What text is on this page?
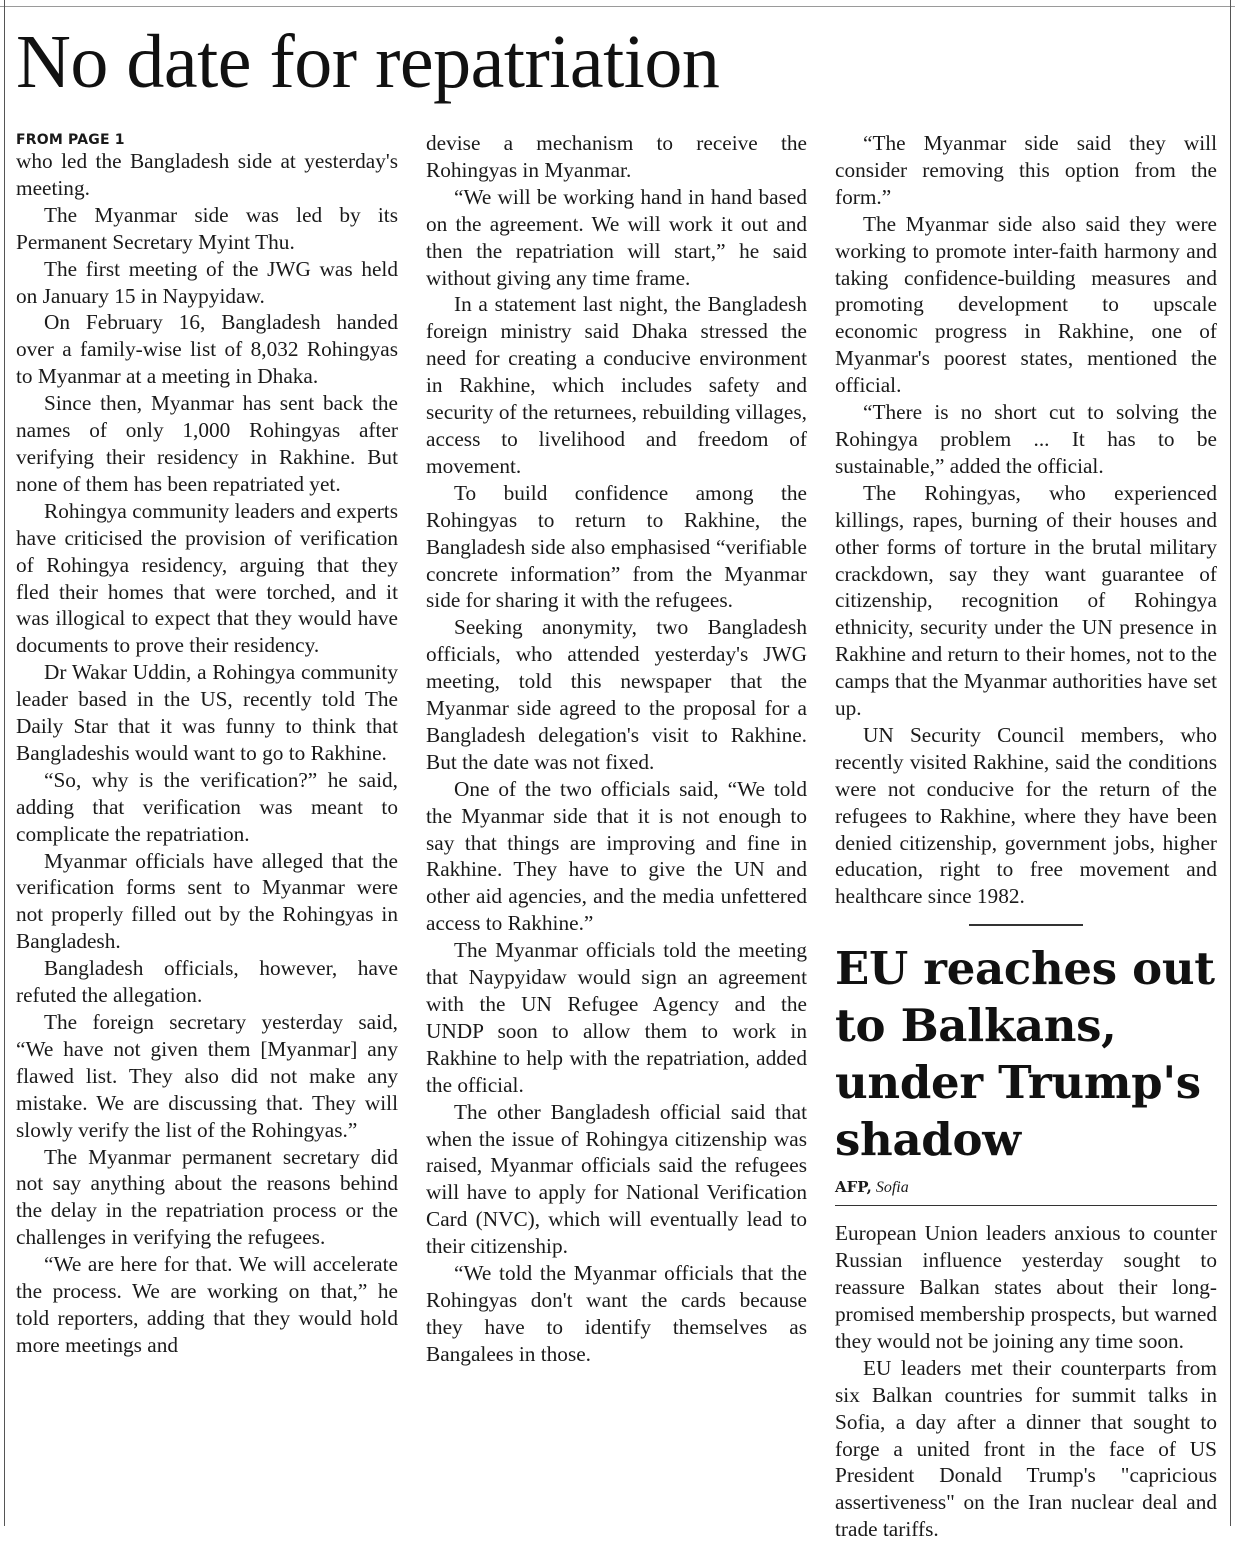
No date for repatriation
FROM PAGE 1

who led the Bangladesh side at yesterday's meeting.

The Myanmar side was led by its Permanent Secretary Myint Thu.

The first meeting of the JWG was held on January 15 in Naypyidaw.

On February 16, Bangladesh handed over a family-wise list of 8,032 Rohingyas to Myanmar at a meeting in Dhaka.

Since then, Myanmar has sent back the names of only 1,000 Rohingyas after verifying their residency in Rakhine. But none of them has been repatriated yet.

Rohingya community leaders and experts have criticised the provision of verification of Rohingya residency, arguing that they fled their homes that were torched, and it was illogical to expect that they would have documents to prove their residency.

Dr Wakar Uddin, a Rohingya community leader based in the US, recently told The Daily Star that it was funny to think that Bangladeshis would want to go to Rakhine.

“So, why is the verification?” he said, adding that verification was meant to complicate the repatriation.

Myanmar officials have alleged that the verification forms sent to Myanmar were not properly filled out by the Rohingyas in Bangladesh.

Bangladesh officials, however, have refuted the allegation.

The foreign secretary yesterday said, “We have not given them [Myanmar] any flawed list. They also did not make any mistake. We are discussing that. They will slowly verify the list of the Rohingyas.”

The Myanmar permanent secretary did not say anything about the reasons behind the delay in the repatriation process or the challenges in verifying the refugees.

“We are here for that. We will accelerate the process. We are working on that,” he told reporters, adding that they would hold more meetings and

devise a mechanism to receive the Rohingyas in Myanmar.

“We will be working hand in hand based on the agreement. We will work it out and then the repatriation will start,” he said without giving any time frame.

In a statement last night, the Bangladesh foreign ministry said Dhaka stressed the need for creating a conducive environment in Rakhine, which includes safety and security of the returnees, rebuilding villages, access to livelihood and freedom of movement.

To build confidence among the Rohingyas to return to Rakhine, the Bangladesh side also emphasised “verifiable concrete information” from the Myanmar side for sharing it with the refugees.

Seeking anonymity, two Bangladesh officials, who attended yesterday's JWG meeting, told this newspaper that the Myanmar side agreed to the proposal for a Bangladesh delegation's visit to Rakhine. But the date was not fixed.

One of the two officials said, “We told the Myanmar side that it is not enough to say that things are improving and fine in Rakhine. They have to give the UN and other aid agencies, and the media unfettered access to Rakhine.”

The Myanmar officials told the meeting that Naypyidaw would sign an agreement with the UN Refugee Agency and the UNDP soon to allow them to work in Rakhine to help with the repatriation, added the official.

The other Bangladesh official said that when the issue of Rohingya citizenship was raised, Myanmar officials said the refugees will have to apply for National Verification Card (NVC), which will eventually lead to their citizenship.

“We told the Myanmar officials that the Rohingyas don't want the cards because they have to identify themselves as Bangalees in those.

“The Myanmar side said they will consider removing this option from the form.”

The Myanmar side also said they were working to promote inter-faith harmony and taking confidence-building measures and promoting development to upscale economic progress in Rakhine, one of Myanmar's poorest states, mentioned the official.

“There is no short cut to solving the Rohingya problem ... It has to be sustainable,” added the official.

The Rohingyas, who experienced killings, rapes, burning of their houses and other forms of torture in the brutal military crackdown, say they want guarantee of citizenship, recognition of Rohingya ethnicity, security under the UN presence in Rakhine and return to their homes, not to the camps that the Myanmar authorities have set up.

UN Security Council members, who recently visited Rakhine, said the conditions were not conducive for the return of the refugees to Rakhine, where they have been denied citizenship, government jobs, higher education, right to free movement and healthcare since 1982.

EU reaches out to Balkans, under Trump's shadow
AFP, Sofia

European Union leaders anxious to counter Russian influence yesterday sought to reassure Balkan states about their long-promised membership prospects, but warned they would not be joining any time soon.

EU leaders met their counterparts from six Balkan countries for summit talks in Sofia, a day after a dinner that sought to forge a united front in the face of US President Donald Trump's "capricious assertiveness" on the Iran nuclear deal and trade tariffs.
